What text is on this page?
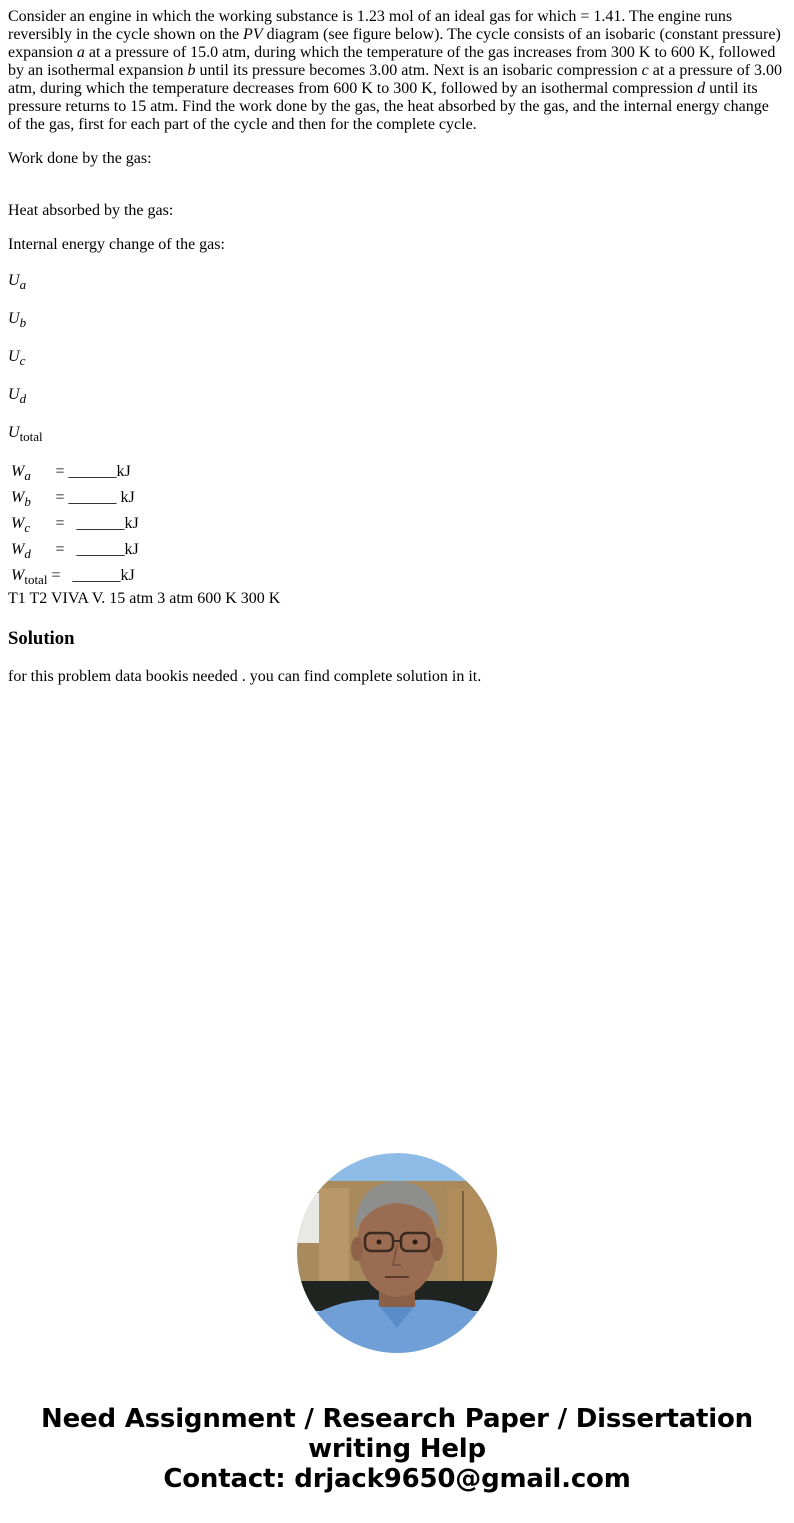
Consider an engine in which the working substance is 1.23 mol of an ideal gas for which = 1.41. The engine runs reversibly in the cycle shown on the PV diagram (see figure below). The cycle consists of an isobaric (constant pressure) expansion a at a pressure of 15.0 atm, during which the temperature of the gas increases from 300 K to 600 K, followed by an isothermal expansion b until its pressure becomes 3.00 atm. Next is an isobaric compression c at a pressure of 3.00 atm, during which the temperature decreases from 600 K to 300 K, followed by an isothermal compression d until its pressure returns to 15 atm. Find the work done by the gas, the heat absorbed by the gas, and the internal energy change of the gas, first for each part of the cycle and then for the complete cycle.

Work done by the gas:

Heat absorbed by the gas:

Internal energy change of the gas:

$U_a$
$U_b$
$U_c$
$U_d$
$U_{total}$
$W_a$	= ______kJ
$W_b$	= ______ kJ
$W_c$	=   ______kJ
$W_d$	=   ______kJ
$W_{total}$	=   ______kJ
T1 T2 VIVA V. 15 atm 3 atm 600 K 300 K
Solution

for this problem data bookis needed . you can find complete solution in it.

Need Assignment / Research Paper / Dissertation
writing Help
Contact: drjack9650@gmail.com
